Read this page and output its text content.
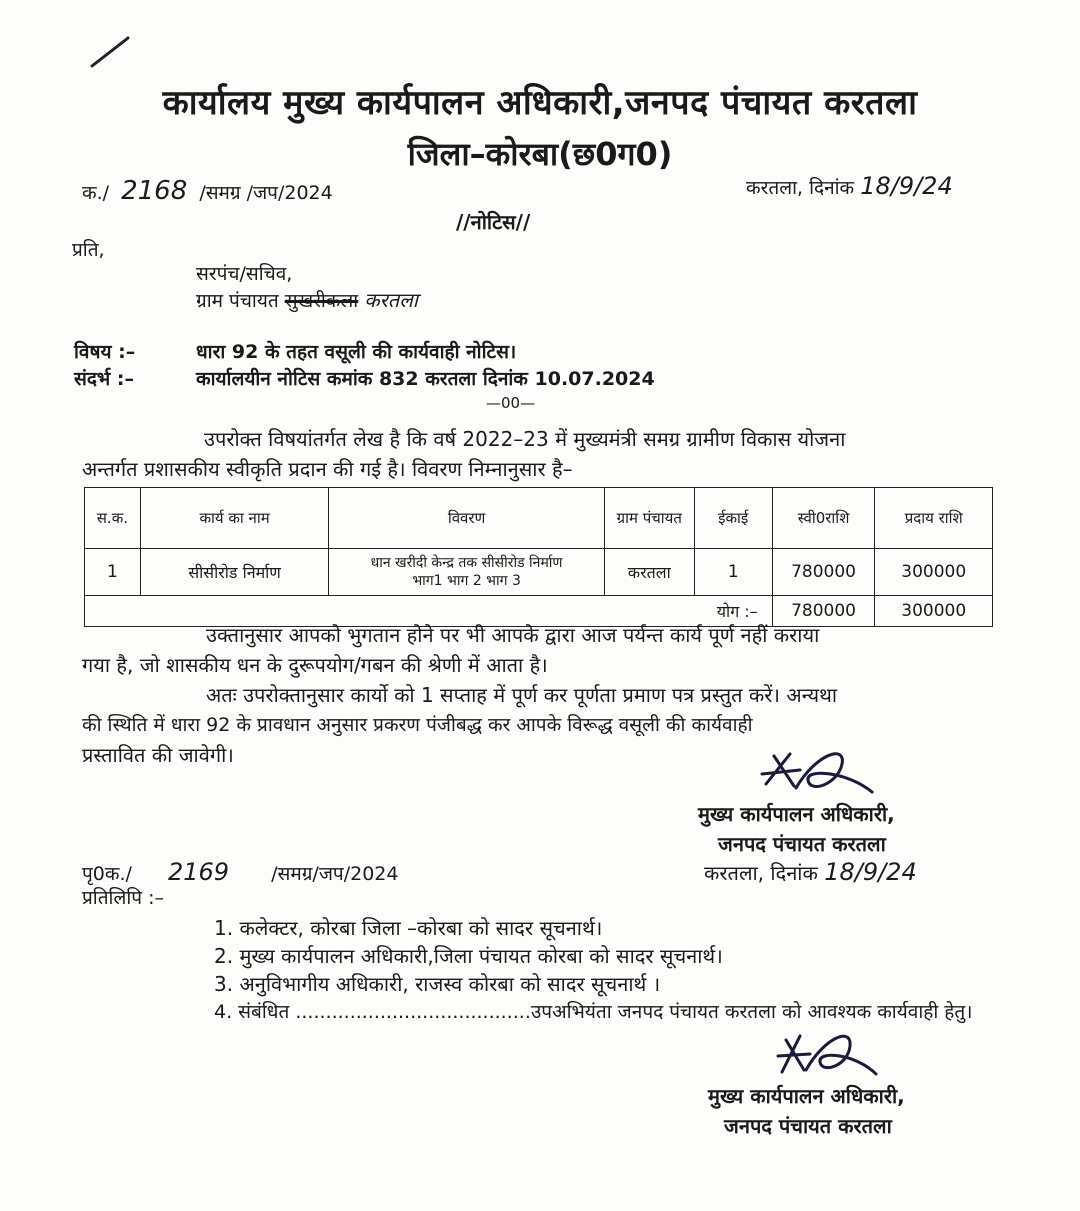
कार्यालय मुख्य कार्यपालन अधिकारी,जनपद पंचायत करतला
जिला–कोरबा(छ0ग0)
क./ 2168 /समग्र /जप/2024	करतला, दिनांक 18/9/24
//नोटिस//
प्रति,
सरपंच/सचिव,
ग्राम पंचायत सुखरीकला करतला
विषय :–	धारा 92 के तहत वसूली की कार्यवाही नोटिस।
संदर्भ :–	कार्यालयीन नोटिस कमांक 832 करतला दिनांक 10.07.2024
—00—
उपरोक्त विषयांतर्गत लेख है कि वर्ष 2022–23 में मुख्यमंत्री समग्र ग्रामीण विकास योजना
अन्तर्गत प्रशासकीय स्वीकृति प्रदान की गई है। विवरण निम्नानुसार है–
स.क.	कार्य का नाम	विवरण	ग्राम पंचायत	ईकाई	स्वी0राशि	प्रदाय राशि
1	सीसीरोड निर्माण	धान खरीदी केन्द्र तक सीसीरोड निर्माण
भाग1 भाग 2 भाग 3	करतला	1	780000	300000
योग :–					780000	300000
उक्तानुसार आपको भुगतान होने पर भी आपके द्वारा आज पर्यन्त कार्य पूर्ण नहीं कराया
गया है, जो शासकीय धन के दुरूपयोग/गबन की श्रेणी में आता है।
अतः उपरोक्तानुसार कार्यो को 1 सप्ताह में पूर्ण कर पूर्णता प्रमाण पत्र प्रस्तुत करें। अन्यथा
की स्थिति में धारा 92 के प्रावधान अनुसार प्रकरण पंजीबद्ध कर आपके विरूद्ध वसूली की कार्यवाही
प्रस्तावित की जावेगी।
मुख्य कार्यपालन अधिकारी,
जनपद पंचायत करतला
करतला, दिनांक 18/9/24
पृ0क./ 2169 /समग्र/जप/2024
प्रतिलिपि :–
1. कलेक्टर, कोरबा जिला –कोरबा को सादर सूचनार्थ।
2. मुख्य कार्यपालन अधिकारी,जिला पंचायत कोरबा को सादर सूचनार्थ।
3. अनुविभागीय अधिकारी, राजस्व कोरबा को सादर सूचनार्थ ।
4. संबंधित .......................................उपअभियंता जनपद पंचायत करतला को आवश्यक कार्यवाही हेतु।
मुख्य कार्यपालन अधिकारी,
जनपद पंचायत करतला
